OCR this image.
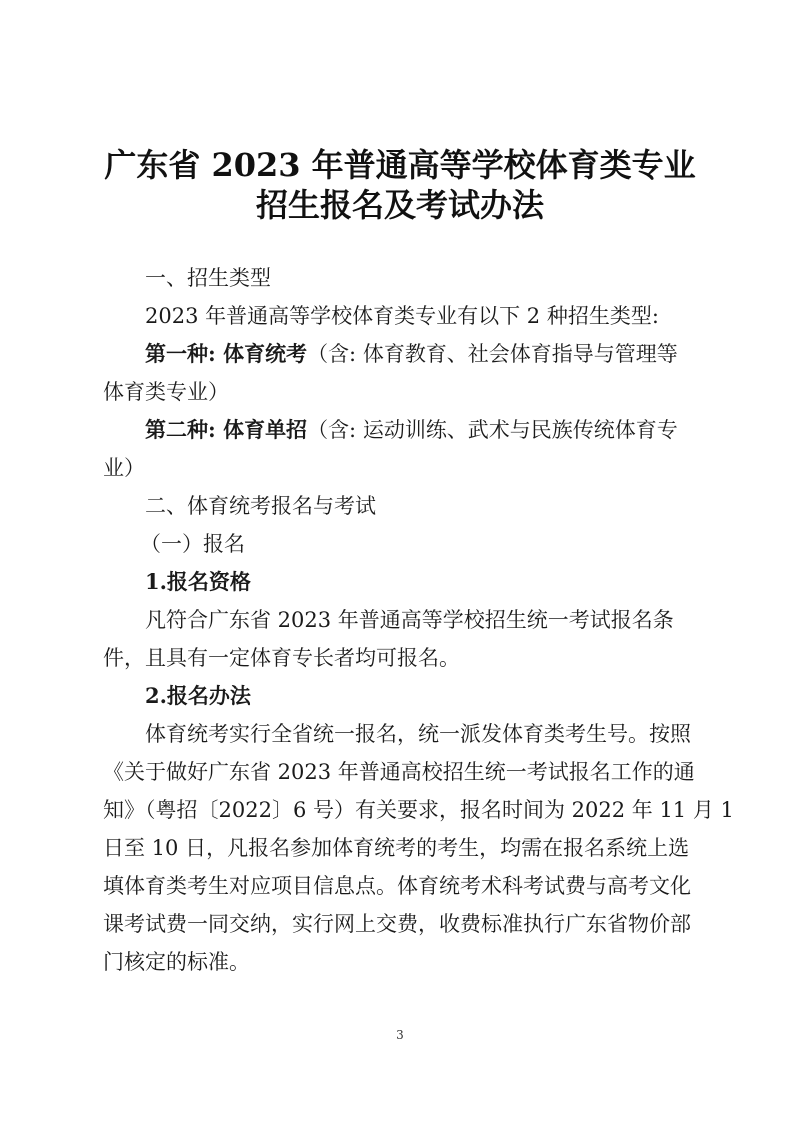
广东省 2023 年普通高等学校体育类专业
招生报名及考试办法
一、招生类型
2023 年普通高等学校体育类专业有以下 2 种招生类型:
第一种: 体育统考（含: 体育教育、社会体育指导与管理等
体育类专业）
第二种: 体育单招（含: 运动训练、武术与民族传统体育专
业）
二、体育统考报名与考试
（一）报名
1.报名资格
凡符合广东省 2023 年普通高等学校招生统一考试报名条
件，且具有一定体育专长者均可报名。
2.报名办法
体育统考实行全省统一报名，统一派发体育类考生号。按照
《关于做好广东省 2023 年普通高校招生统一考试报名工作的通
知》（粤招〔2022〕6 号）有关要求，报名时间为 2022 年 11 月 1
日至 10 日，凡报名参加体育统考的考生，均需在报名系统上选
填体育类考生对应项目信息点。体育统考术科考试费与高考文化
课考试费一同交纳，实行网上交费，收费标准执行广东省物价部
门核定的标准。
3
